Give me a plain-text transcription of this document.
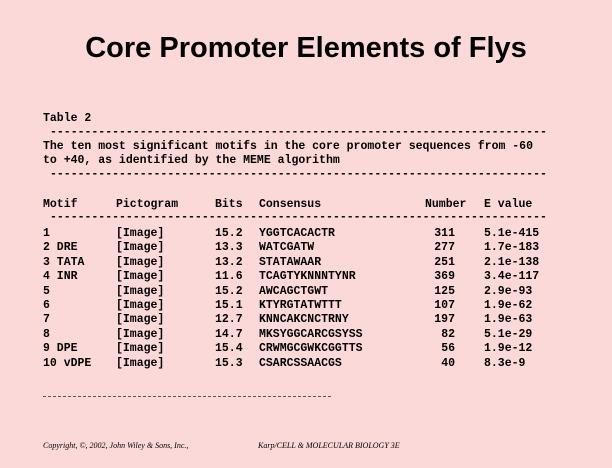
Core Promoter Elements of Flys
Table 2
------------------------------------------------------------------------
The ten most significant motifs in the core promoter sequences from -60
to +40, as identified by the MEME algorithm
------------------------------------------------------------------------
Motif	Pictogram	Bits Consensus	Number E value
------------------------------------------------------------------------
1	[Image]	15.2 YGGTCACACTR	311	5.1e-415
2 DRE	[Image]	13.3 WATCGATW	277	1.7e-183
3 TATA	[Image]	13.2 STATAWAAR	251	2.1e-138
4 INR	[Image]	11.6 TCAGTYKNNNTYNR	369	3.4e-117
5	[Image]	15.2 AWCAGCTGWT	125	2.9e-93
6	[Image]	15.1 KTYRGTATWTTT	107	1.9e-62
7	[Image]	12.7 KNNCAKCNCTRNY	197	1.9e-63
8	[Image]	14.7 MKSYGGCARCGSYSS	82	5.1e-29
9 DPE	[Image]	15.4 CRWMGCGWKCGGTTS	56	1.9e-12
10 vDPE [Image]	15.3 CSARCSSAACGS	40	8.3e-9
Copyright, ©, 2002, John Wiley & Sons, Inc.,	Karp/CELL & MOLECULAR BIOLOGY 3E
